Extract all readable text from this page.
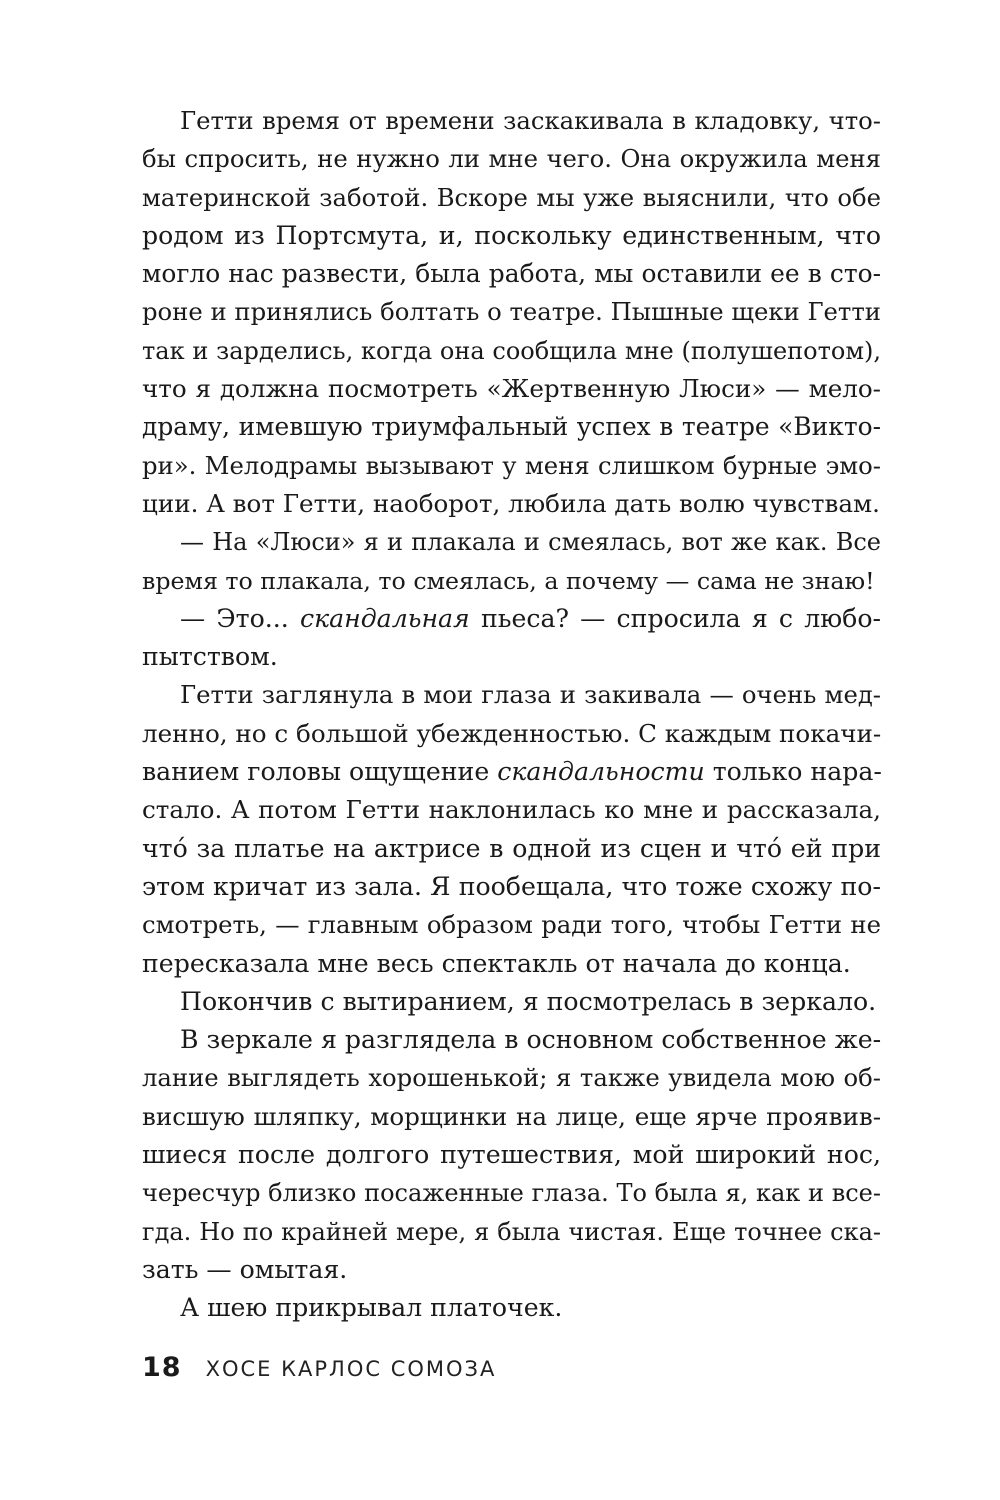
Гетти время от времени заскакивала в кладовку, что-
бы спросить, не нужно ли мне чего. Она окружила меня
материнской заботой. Вскоре мы уже выяснили, что обе
родом из Портсмута, и, поскольку единственным, что
могло нас развести, была работа, мы оставили ее в сто-
роне и принялись болтать о театре. Пышные щеки Гетти
так и зарделись, когда она сообщила мне (полушепотом),
что я должна посмотреть «Жертвенную Люси» — мело-
драму, имевшую триумфальный успех в театре «Викто-
ри». Мелодрамы вызывают у меня слишком бурные эмо-
ции. А вот Гетти, наоборот, любила дать волю чувствам.
— На «Люси» я и плакала и смеялась, вот же как. Все
время то плакала, то смеялась, а почему — сама не знаю!
— Это... скандальная пьеса? — спросила я с любо-
пытством.
Гетти заглянула в мои глаза и закивала — очень мед-
ленно, но с большой убежденностью. С каждым покачи-
ванием головы ощущение скандальности только нара-
стало. А потом Гетти наклонилась ко мне и рассказала,
что́ за платье на актрисе в одной из сцен и что́ ей при
этом кричат из зала. Я пообещала, что тоже схожу по-
смотреть, — главным образом ради того, чтобы Гетти не
пересказала мне весь спектакль от начала до конца.
Покончив с вытиранием, я посмотрелась в зеркало.
В зеркале я разглядела в основном собственное же-
лание выглядеть хорошенькой; я также увидела мою об-
висшую шляпку, морщинки на лице, еще ярче проявив-
шиеся после долгого путешествия, мой широкий нос,
чересчур близко посаженные глаза. То была я, как и все-
гда. Но по крайней мере, я была чистая. Еще точнее ска-
зать — омытая.
А шею прикрывал платочек.
18 ХОСЕ КАРЛОС СОМОЗА
